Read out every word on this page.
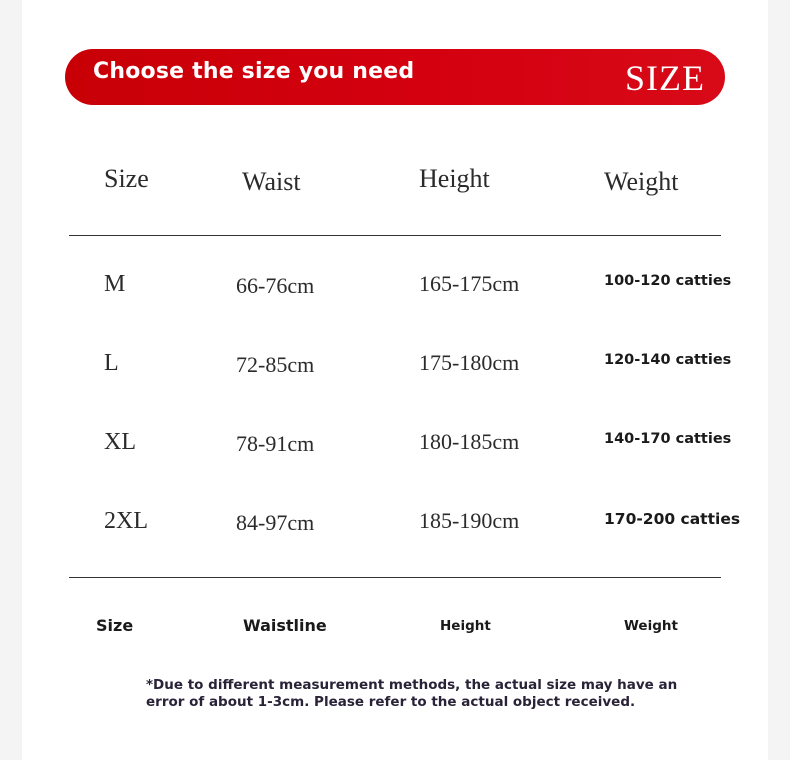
Choose the size you need	SIZE
Size	Waist	Height	Weight
M	66-76cm	165-175cm	100-120 catties
L	72-85cm	175-180cm	120-140 catties
XL	78-91cm	180-185cm	140-170 catties
2XL	84-97cm	185-190cm	170-200 catties
Size	Waistline	Height	Weight
*Due to different measurement methods, the actual size may have an error of about 1-3cm. Please refer to the actual object received.
